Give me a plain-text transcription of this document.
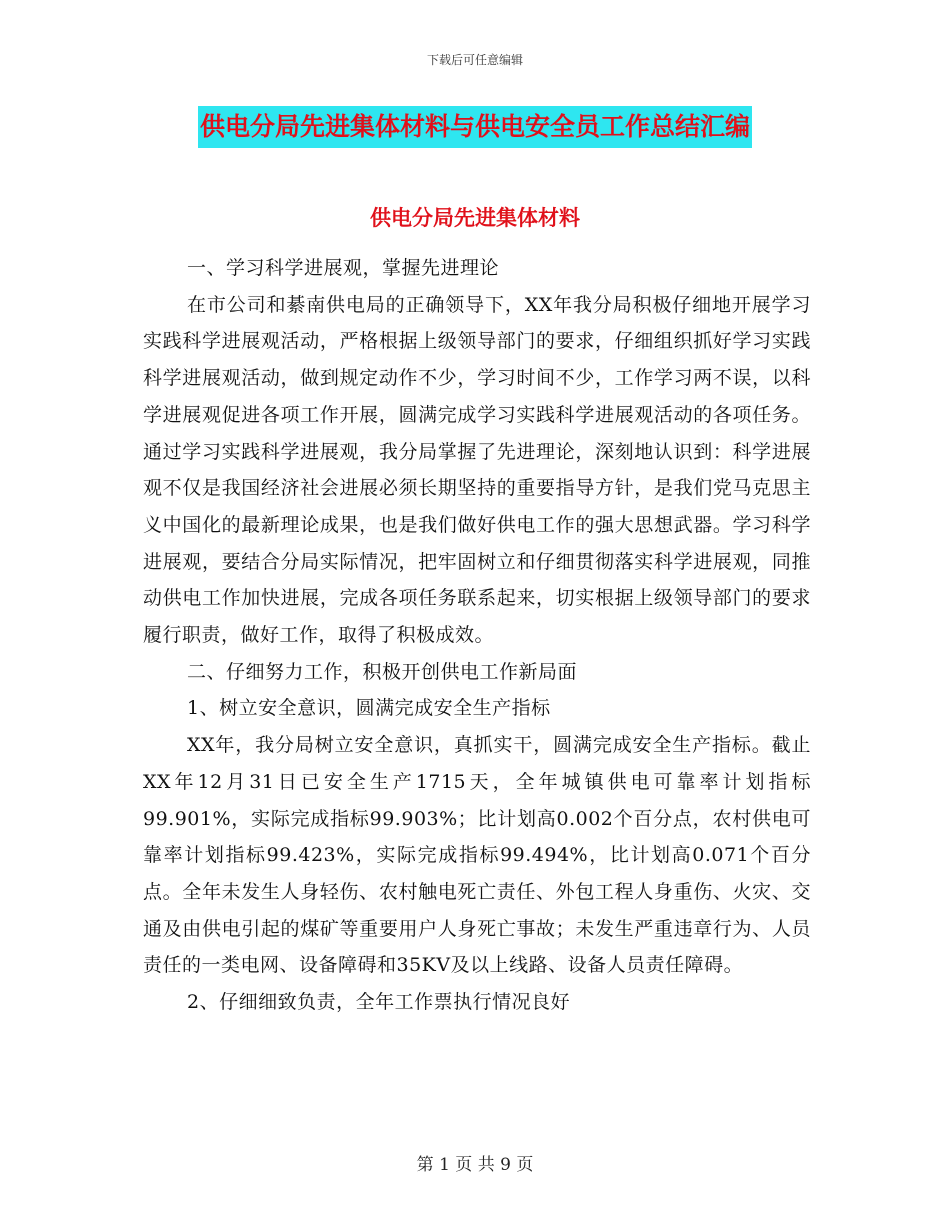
下载后可任意编辑
供电分局先进集体材料与供电安全员工作总结汇编
供电分局先进集体材料

一、学习科学进展观，掌握先进理论

在市公司和綦南供电局的正确领导下，XX年我分局积极仔细地开展学习实践科学进展观活动，严格根据上级领导部门的要求，仔细组织抓好学习实践科学进展观活动，做到规定动作不少，学习时间不少，工作学习两不误，以科学进展观促进各项工作开展，圆满完成学习实践科学进展观活动的各项任务。通过学习实践科学进展观，我分局掌握了先进理论，深刻地认识到：科学进展观不仅是我国经济社会进展必须长期坚持的重要指导方针，是我们党马克思主义中国化的最新理论成果，也是我们做好供电工作的强大思想武器。学习科学进展观，要结合分局实际情况，把牢固树立和仔细贯彻落实科学进展观，同推动供电工作加快进展，完成各项任务联系起来，切实根据上级领导部门的要求履行职责，做好工作，取得了积极成效。

二、仔细努力工作，积极开创供电工作新局面

1、树立安全意识，圆满完成安全生产指标

XX年，我分局树立安全意识，真抓实干，圆满完成安全生产指标。截止XX年12月31日已安全生产1715天，全年城镇供电可靠率计划指标99.901%，实际完成指标99.903%；比计划高0.002个百分点，农村供电可靠率计划指标99.423%，实际完成指标99.494%，比计划高0.071个百分点。全年未发生人身轻伤、农村触电死亡责任、外包工程人身重伤、火灾、交通及由供电引起的煤矿等重要用户人身死亡事故；未发生严重违章行为、人员责任的一类电网、设备障碍和35KV及以上线路、设备人员责任障碍。

2、仔细细致负责，全年工作票执行情况良好

第 1 页 共 9 页
